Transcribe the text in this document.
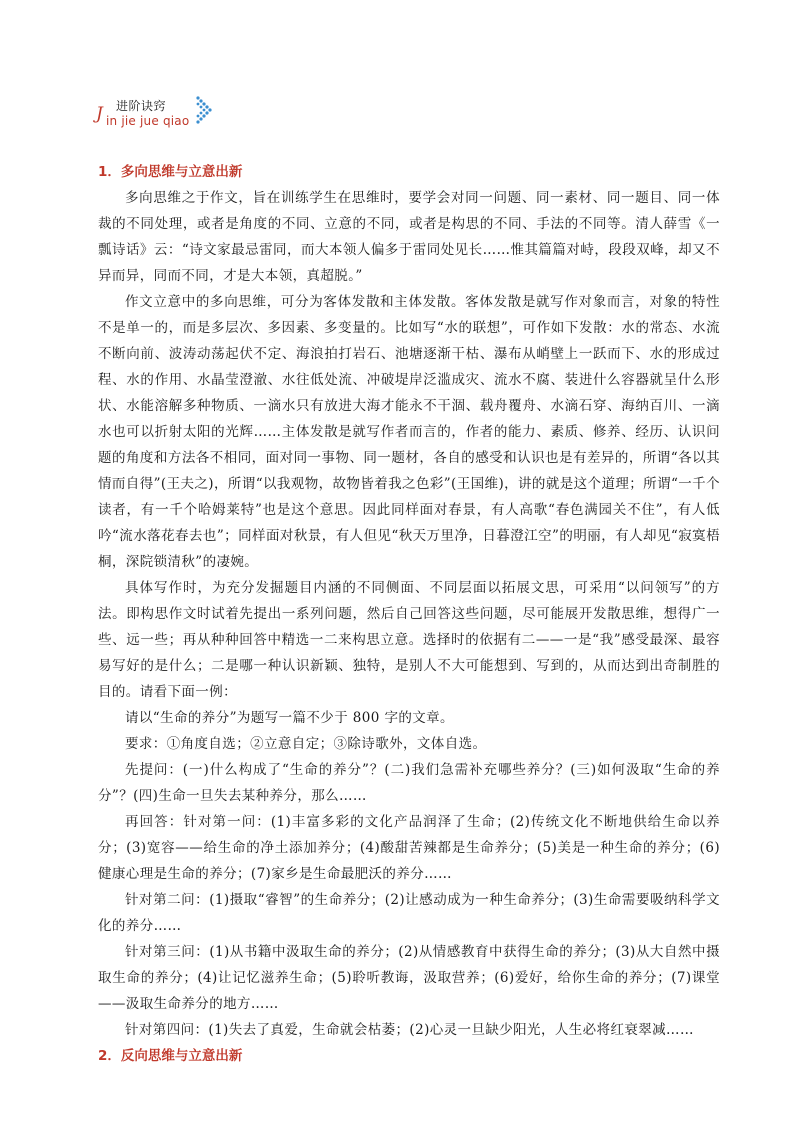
进阶诀窍
J in jie jue qiao
1．多向思维与立意出新

多向思维之于作文，旨在训练学生在思维时，要学会对同一问题、同一素材、同一题目、同一体裁的不同处理，或者是角度的不同、立意的不同，或者是构思的不同、手法的不同等。清人薛雪《一瓢诗话》云：“诗文家最忌雷同，而大本领人偏多于雷同处见长……惟其篇篇对峙，段段双峰，却又不异而异，同而不同，才是大本领，真超脱。”

作文立意中的多向思维，可分为客体发散和主体发散。客体发散是就写作对象而言，对象的特性不是单一的，而是多层次、多因素、多变量的。比如写“水的联想”，可作如下发散：水的常态、水流不断向前、波涛动荡起伏不定、海浪拍打岩石、池塘逐渐干枯、瀑布从峭壁上一跃而下、水的形成过程、水的作用、水晶莹澄澈、水往低处流、冲破堤岸泛滥成灾、流水不腐、装进什么容器就呈什么形状、水能溶解多种物质、一滴水只有放进大海才能永不干涸、载舟覆舟、水滴石穿、海纳百川、一滴水也可以折射太阳的光辉……主体发散是就写作者而言的，作者的能力、素质、修养、经历、认识问题的角度和方法各不相同，面对同一事物、同一题材，各自的感受和认识也是有差异的，所谓“各以其情而自得”(王夫之)，所谓“以我观物，故物皆着我之色彩”(王国维)，讲的就是这个道理；所谓“一千个读者，有一千个哈姆莱特”也是这个意思。因此同样面对春景，有人高歌“春色满园关不住”，有人低吟“流水落花春去也”；同样面对秋景，有人但见“秋天万里净，日暮澄江空”的明丽，有人却见“寂寞梧桐，深院锁清秋”的凄婉。

具体写作时，为充分发掘题目内涵的不同侧面、不同层面以拓展文思，可采用“以问领写”的方法。即构思作文时试着先提出一系列问题，然后自己回答这些问题，尽可能展开发散思维，想得广一些、远一些；再从种种回答中精选一二来构思立意。选择时的依据有二——一是“我”感受最深、最容易写好的是什么；二是哪一种认识新颖、独特，是别人不大可能想到、写到的，从而达到出奇制胜的目的。请看下面一例：

请以“生命的养分”为题写一篇不少于 800 字的文章。

要求：①角度自选；②立意自定；③除诗歌外，文体自选。

先提问：(一)什么构成了“生命的养分”？(二)我们急需补充哪些养分？(三)如何汲取“生命的养分”？(四)生命一旦失去某种养分，那么……

再回答：针对第一问：(1)丰富多彩的文化产品润泽了生命；(2)传统文化不断地供给生命以养分；(3)宽容——给生命的净土添加养分；(4)酸甜苦辣都是生命养分；(5)美是一种生命的养分；(6)健康心理是生命的养分；(7)家乡是生命最肥沃的养分……

针对第二问：(1)摄取“睿智”的生命养分；(2)让感动成为一种生命养分；(3)生命需要吸纳科学文化的养分……

针对第三问：(1)从书籍中汲取生命的养分；(2)从情感教育中获得生命的养分；(3)从大自然中摄取生命的养分；(4)让记忆滋养生命；(5)聆听教诲，汲取营养；(6)爱好，给你生命的养分；(7)课堂——汲取生命养分的地方……

针对第四问：(1)失去了真爱，生命就会枯萎；(2)心灵一旦缺少阳光，人生必将红衰翠减……

2．反向思维与立意出新
